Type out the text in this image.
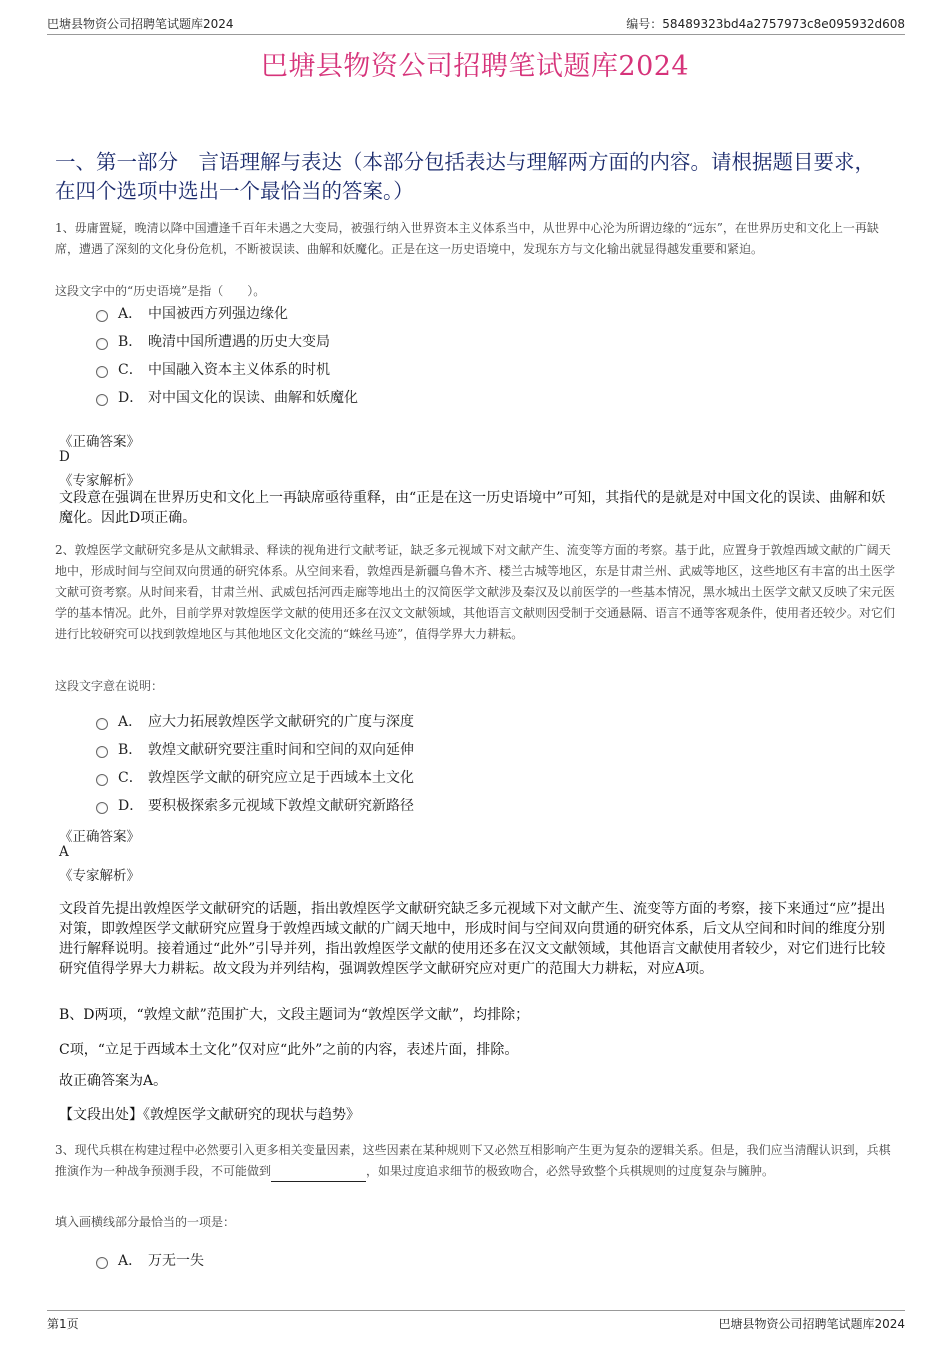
巴塘县物资公司招聘笔试题库2024	编号：58489323bd4a2757973c8e095932d608
巴塘县物资公司招聘笔试题库2024
一、第一部分　言语理解与表达（本部分包括表达与理解两方面的内容。请根据题目要求，在四个选项中选出一个最恰当的答案。）
1、毋庸置疑，晚清以降中国遭逢千百年未遇之大变局，被强行纳入世界资本主义体系当中，从世界中心沦为所谓边缘的“远东”，在世界历史和文化上一再缺席，遭遇了深刻的文化身份危机，不断被误读、曲解和妖魔化。正是在这一历史语境中，发现东方与文化输出就显得越发重要和紧迫。
这段文字中的“历史语境”是指（　　）。
A． 中国被西方列强边缘化
B． 晚清中国所遭遇的历史大变局
C． 中国融入资本主义体系的时机
D． 对中国文化的误读、曲解和妖魔化
《正确答案》
D
《专家解析》
文段意在强调在世界历史和文化上一再缺席亟待重释，由“正是在这一历史语境中”可知，其指代的是就是对中国文化的误读、曲解和妖魔化。因此D项正确。
2、敦煌医学文献研究多是从文献辑录、释读的视角进行文献考证，缺乏多元视域下对文献产生、流变等方面的考察。基于此，应置身于敦煌西域文献的广阔天地中，形成时间与空间双向贯通的研究体系。从空间来看，敦煌西是新疆乌鲁木齐、楼兰古城等地区，东是甘肃兰州、武威等地区，这些地区有丰富的出土医学文献可资考察。从时间来看，甘肃兰州、武威包括河西走廊等地出土的汉简医学文献涉及秦汉及以前医学的一些基本情况，黑水城出土医学文献又反映了宋元医学的基本情况。此外，目前学界对敦煌医学文献的使用还多在汉文文献领域，其他语言文献则因受制于交通悬隔、语言不通等客观条件，使用者还较少。对它们进行比较研究可以找到敦煌地区与其他地区文化交流的“蛛丝马迹”，值得学界大力耕耘。
这段文字意在说明：
A． 应大力拓展敦煌医学文献研究的广度与深度
B． 敦煌文献研究要注重时间和空间的双向延伸
C． 敦煌医学文献的研究应立足于西域本土文化
D． 要积极探索多元视域下敦煌文献研究新路径
《正确答案》
A
《专家解析》
文段首先提出敦煌医学文献研究的话题，指出敦煌医学文献研究缺乏多元视域下对文献产生、流变等方面的考察，接下来通过“应”提出对策，即敦煌医学文献研究应置身于敦煌西域文献的广阔天地中，形成时间与空间双向贯通的研究体系，后文从空间和时间的维度分别进行解释说明。接着通过“此外”引导并列，指出敦煌医学文献的使用还多在汉文文献领域，其他语言文献使用者较少，对它们进行比较研究值得学界大力耕耘。故文段为并列结构，强调敦煌医学文献研究应对更广的范围大力耕耘，对应A项。
B、D两项，“敦煌文献”范围扩大，文段主题词为“敦煌医学文献”，均排除；
C项，“立足于西域本土文化”仅对应“此外”之前的内容，表述片面，排除。
故正确答案为A。
【文段出处】《敦煌医学文献研究的现状与趋势》
3、现代兵棋在构建过程中必然要引入更多相关变量因素，这些因素在某种规则下又必然互相影响产生更为复杂的逻辑关系。但是，我们应当清醒认识到，兵棋推演作为一种战争预测手段，不可能做到	，如果过度追求细节的极致吻合，必然导致整个兵棋规则的过度复杂与臃肿。
填入画横线部分最恰当的一项是：
A． 万无一失
第1页	巴塘县物资公司招聘笔试题库2024
